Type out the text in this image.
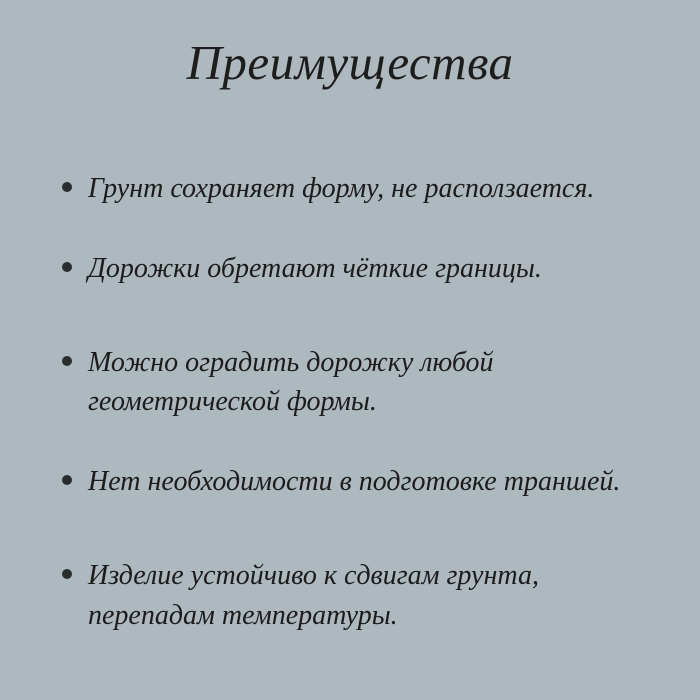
Преимущества
Грунт сохраняет форму, не расползается.
Дорожки обретают чёткие границы.
Можно оградить дорожку любой геометрической формы.
Нет необходимости в подготовке траншей.
Изделие устойчиво к сдвигам грунта, перепадам температуры.
